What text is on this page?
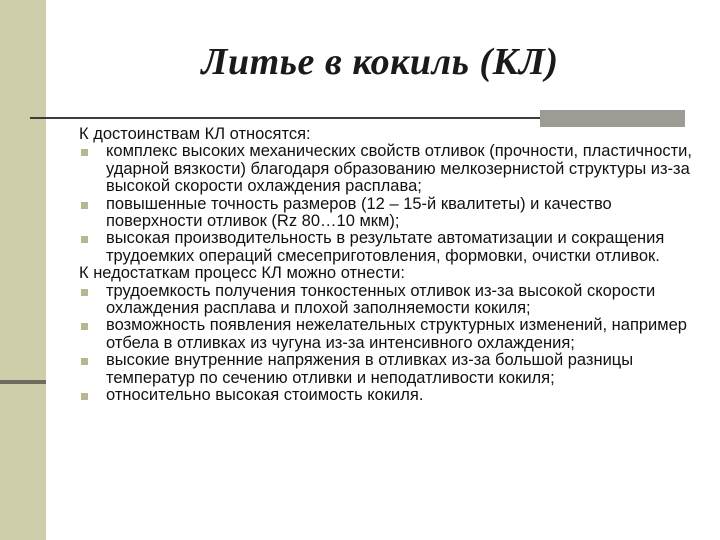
Литье в кокиль (КЛ)

К достоинствам КЛ относятся:

комплекс высоких механических свойств отливок (прочности, пластичности, ударной вязкости) благодаря образованию мелкозернистой структуры из-за высокой скорости охлаждения расплава;

повышенные точность размеров (12 – 15-й квалитеты) и качество поверхности отливок (Rz 80…10 мкм);

высокая производительность в результате автоматизации и сокращения трудоемких операций смесеприготовления, формовки, очистки отливок.

К недостаткам процесс КЛ можно отнести:

трудоемкость получения тонкостенных отливок из-за высокой скорости охлаждения расплава и плохой заполняемости кокиля;

возможность появления нежелательных структурных изменений, например отбела в отливках из чугуна из-за интенсивного охлаждения;

высокие внутренние напряжения в отливках из-за большой разницы температур по сечению отливки и неподатливости кокиля;

относительно высокая стоимость кокиля.
